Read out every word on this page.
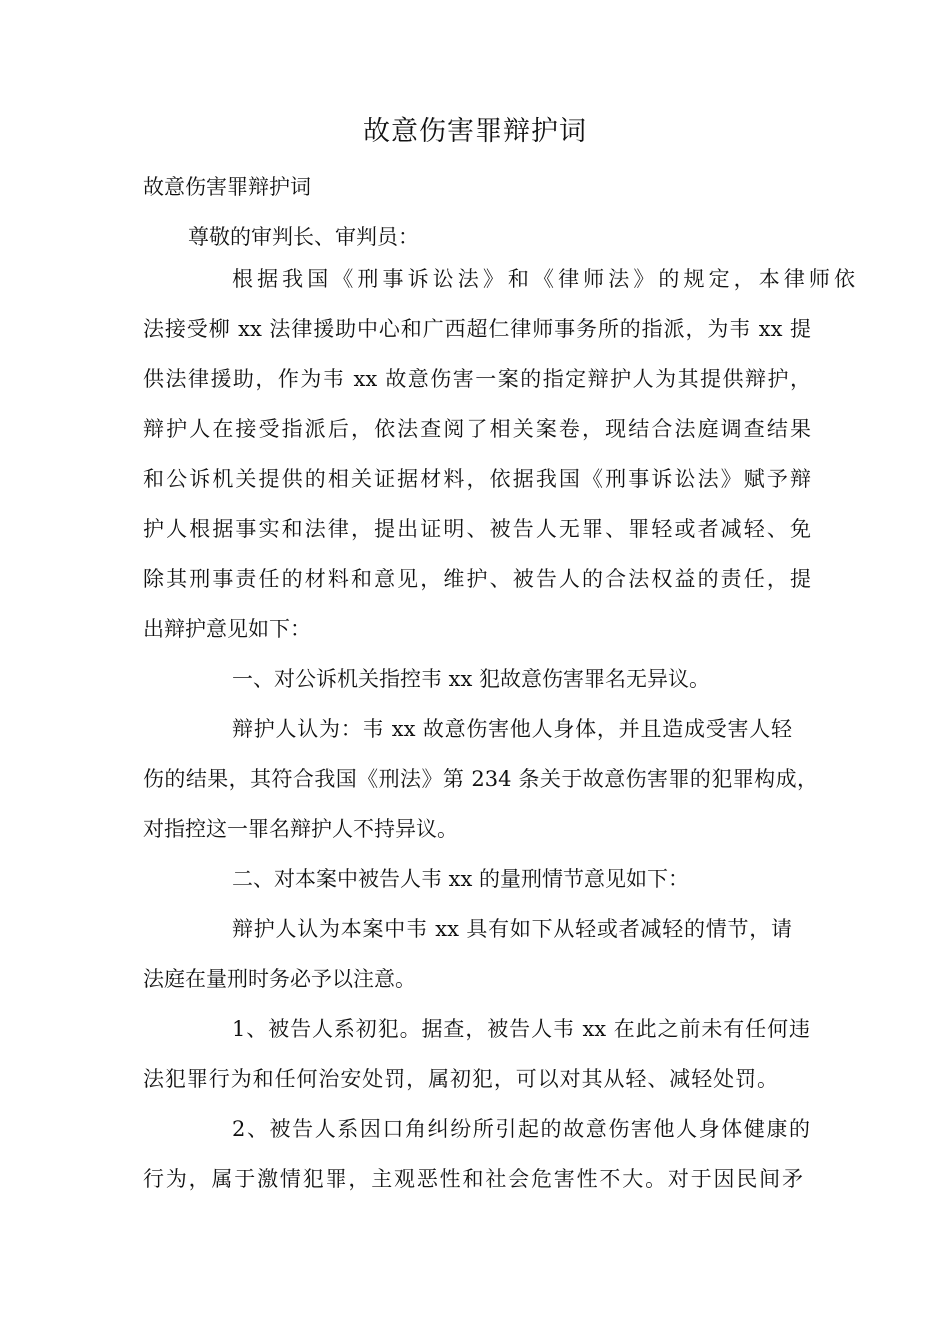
故意伤害罪辩护词
故意伤害罪辩护词
尊敬的审判长、审判员：
根据我国《刑事诉讼法》和《律师法》的规定，本律师依
法接受柳 xx 法律援助中心和广西超仁律师事务所的指派，为韦 xx 提
供法律援助，作为韦 xx 故意伤害一案的指定辩护人为其提供辩护，
辩护人在接受指派后，依法查阅了相关案卷，现结合法庭调查结果
和公诉机关提供的相关证据材料，依据我国《刑事诉讼法》赋予辩
护人根据事实和法律，提出证明、被告人无罪、罪轻或者减轻、免
除其刑事责任的材料和意见，维护、被告人的合法权益的责任，提
出辩护意见如下：
一、对公诉机关指控韦 xx 犯故意伤害罪名无异议。
辩护人认为：韦 xx 故意伤害他人身体，并且造成受害人轻
伤的结果，其符合我国《刑法》第 234 条关于故意伤害罪的犯罪构成，
对指控这一罪名辩护人不持异议。
二、对本案中被告人韦 xx 的量刑情节意见如下：
辩护人认为本案中韦 xx 具有如下从轻或者减轻的情节，请
法庭在量刑时务必予以注意。
1、被告人系初犯。据查，被告人韦 xx 在此之前未有任何违
法犯罪行为和任何治安处罚，属初犯，可以对其从轻、减轻处罚。
2、被告人系因口角纠纷所引起的故意伤害他人身体健康的
行为，属于激情犯罪，主观恶性和社会危害性不大。对于因民间矛
